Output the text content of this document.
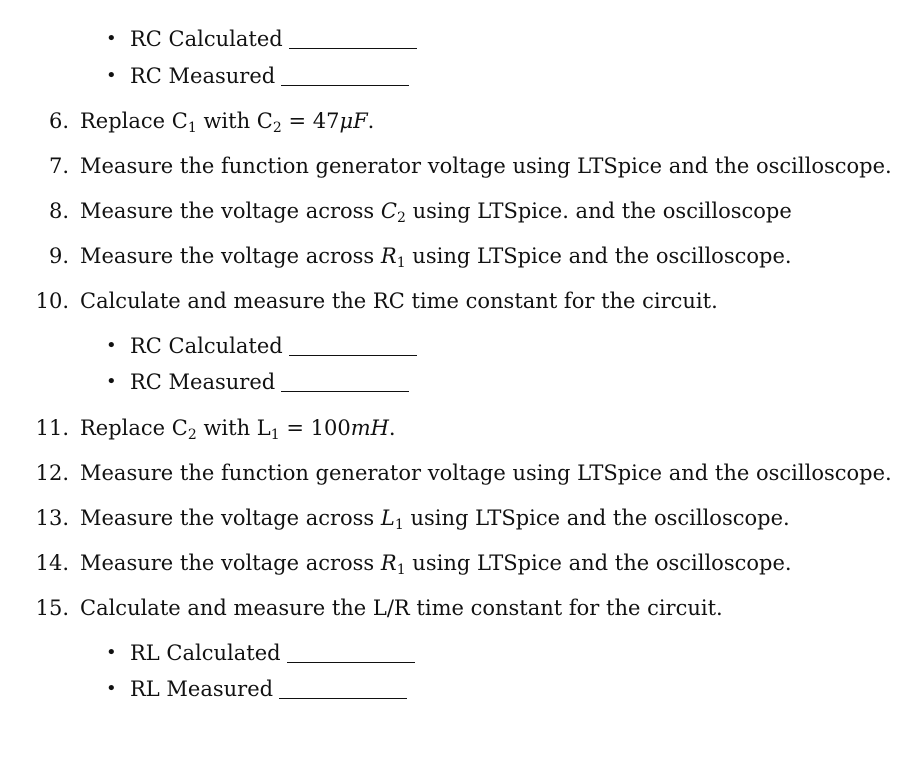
• RC Calculated
• RC Measured
6. Replace $C_1$ with $C_2 = 47\mu F$.
7. Measure the function generator voltage using LTSpice and the oscilloscope.
8. Measure the voltage across $C_2$ using LTSpice. and the oscilloscope
9. Measure the voltage across $R_1$ using LTSpice and the oscilloscope.
10. Calculate and measure the RC time constant for the circuit.
• RC Calculated
• RC Measured
11. Replace $C_2$ with $L_1 = 100mH$.
12. Measure the function generator voltage using LTSpice and the oscilloscope.
13. Measure the voltage across $L_1$ using LTSpice and the oscilloscope.
14. Measure the voltage across $R_1$ using LTSpice and the oscilloscope.
15. Calculate and measure the L/R time constant for the circuit.
• RL Calculated
• RL Measured
